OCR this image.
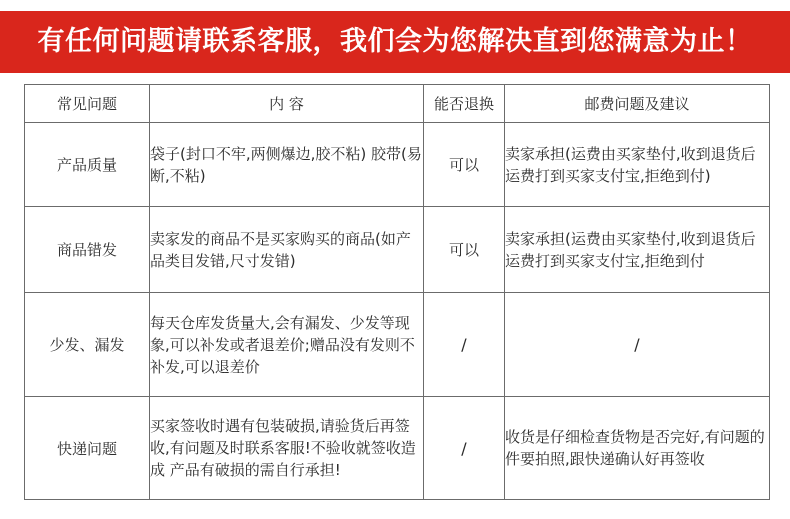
有任何问题请联系客服，我们会为您解决直到您满意为止！
常见问题	内 容	能否退换	邮费问题及建议
产品质量	袋子(封口不牢,两侧爆边,胶不粘) 胶带(易断,不粘)	可以	卖家承担(运费由买家垫付,收到退货后运费打到买家支付宝,拒绝到付)
商品错发	卖家发的商品不是买家购买的商品(如产品类目发错,尺寸发错)	可以	卖家承担(运费由买家垫付,收到退货后运费打到买家支付宝,拒绝到付
少发、漏发	每天仓库发货量大,会有漏发、少发等现象,可以补发或者退差价;赠品没有发则不补发,可以退差价	/	/
快递问题	买家签收时遇有包装破损,请验货后再签收,有问题及时联系客服!不验收就签收造成 产品有破损的需自行承担!	/	收货是仔细检查货物是否完好,有问题的件要拍照,跟快递确认好再签收
